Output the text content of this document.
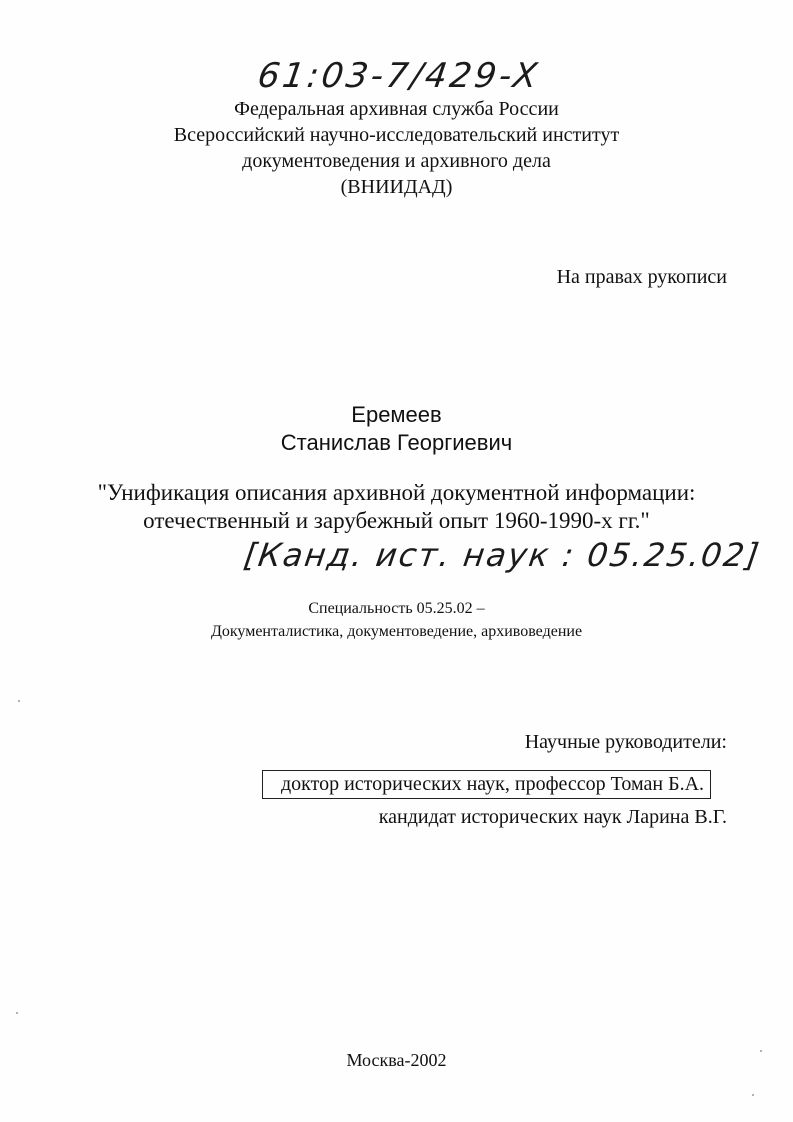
61:03-7/429-X
Федеральная архивная служба России
Всероссийский научно-исследовательский институт
документоведения и архивного дела
(ВНИИДАД)
На правах рукописи
Еремеев
Станислав Георгиевич
"Унификация описания архивной документной информации:
отечественный и зарубежный опыт 1960-1990-х гг."
[Канд. ист. наук : 05.25.02]
Специальность 05.25.02 –
Документалистика, документоведение, архивоведение
Научные руководители:
доктор исторических наук, профессор Томан Б.А.
кандидат исторических наук Ларина В.Г.
Москва-2002
